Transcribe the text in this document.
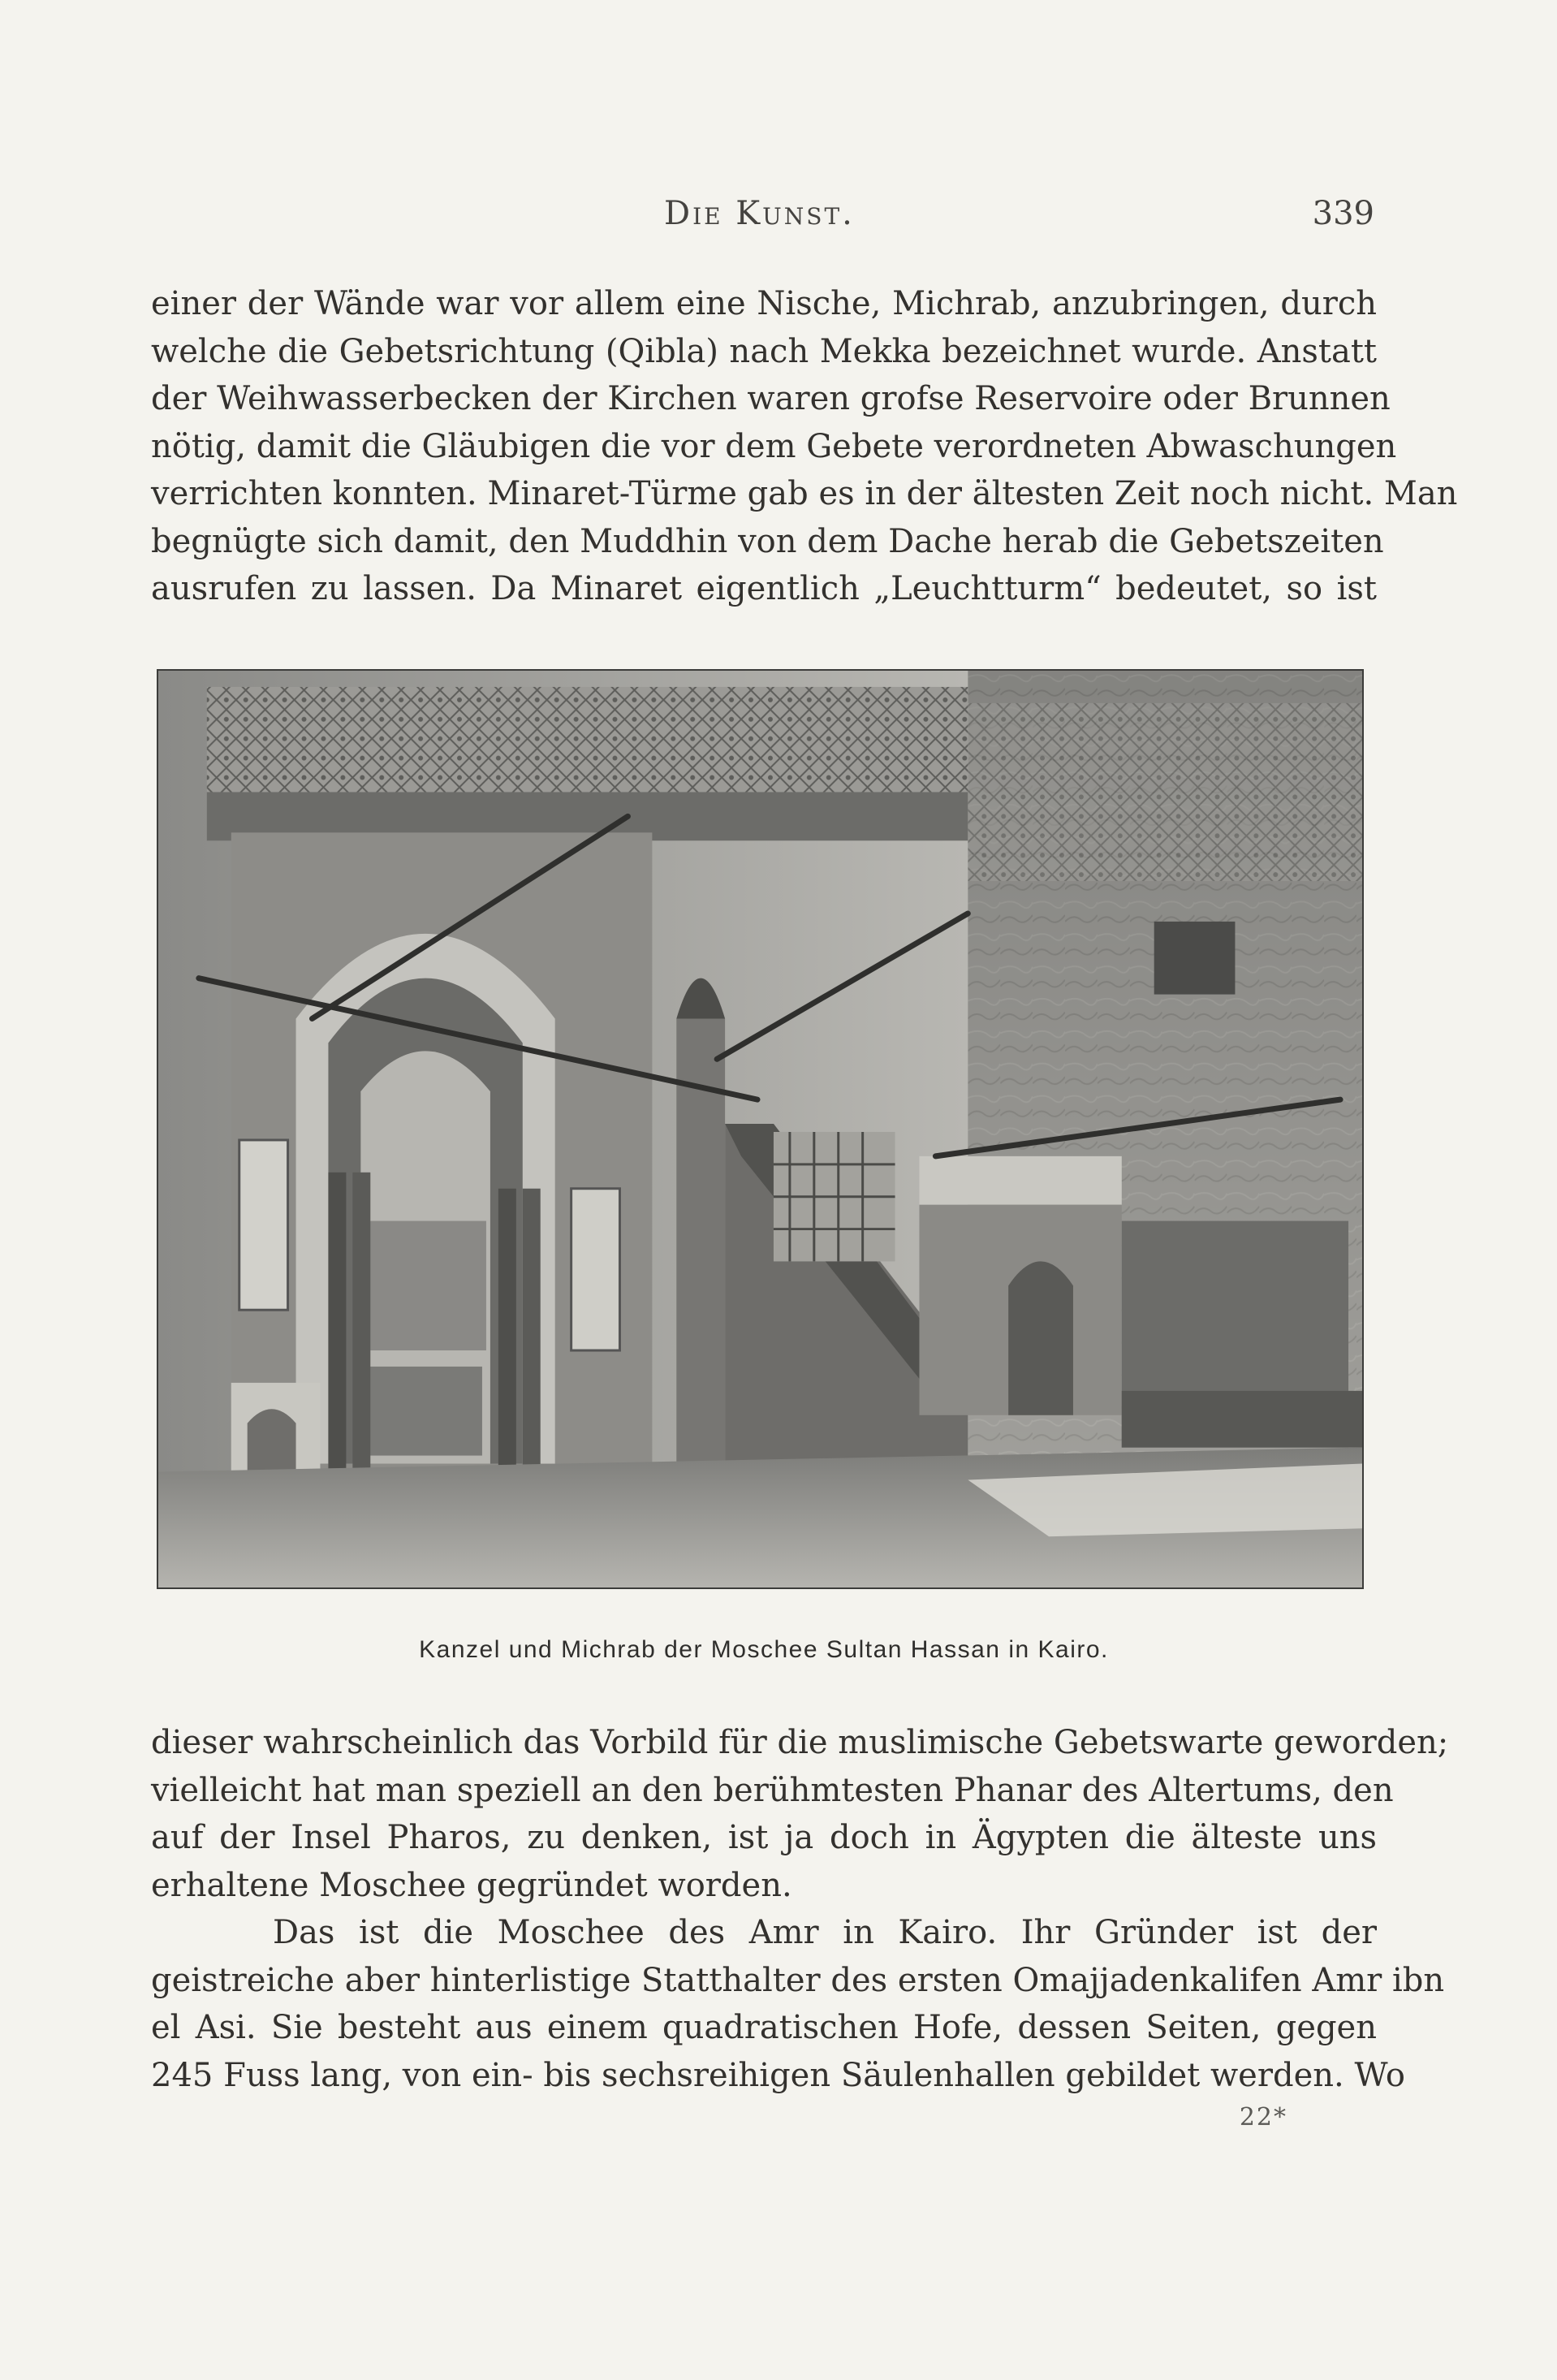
Die Kunst.	339
einer der Wände war vor allem eine Nische, Michrab, anzubringen, durch
welche die Gebetsrichtung (Qibla) nach Mekka bezeichnet wurde. Anstatt
der Weihwasserbecken der Kirchen waren grofse Reservoire oder Brunnen
nötig, damit die Gläubigen die vor dem Gebete verordneten Abwaschungen
verrichten konnten. Minaret-Türme gab es in der ältesten Zeit noch nicht. Man
begnügte sich damit, den Muddhin von dem Dache herab die Gebetszeiten
ausrufen zu lassen. Da Minaret eigentlich „Leuchtturm“ bedeutet, so ist
Kanzel und Michrab der Moschee Sultan Hassan in Kairo.
dieser wahrscheinlich das Vorbild für die muslimische Gebetswarte geworden;
vielleicht hat man speziell an den berühmtesten Phanar des Altertums, den
auf der Insel Pharos, zu denken, ist ja doch in Ägypten die älteste uns
erhaltene Moschee gegründet worden.
Das ist die Moschee des Amr in Kairo. Ihr Gründer ist der
geistreiche aber hinterlistige Statthalter des ersten Omajjadenkalifen Amr ibn
el Asi. Sie besteht aus einem quadratischen Hofe, dessen Seiten, gegen
245 Fuss lang, von ein- bis sechsreihigen Säulenhallen gebildet werden. Wo
22*
